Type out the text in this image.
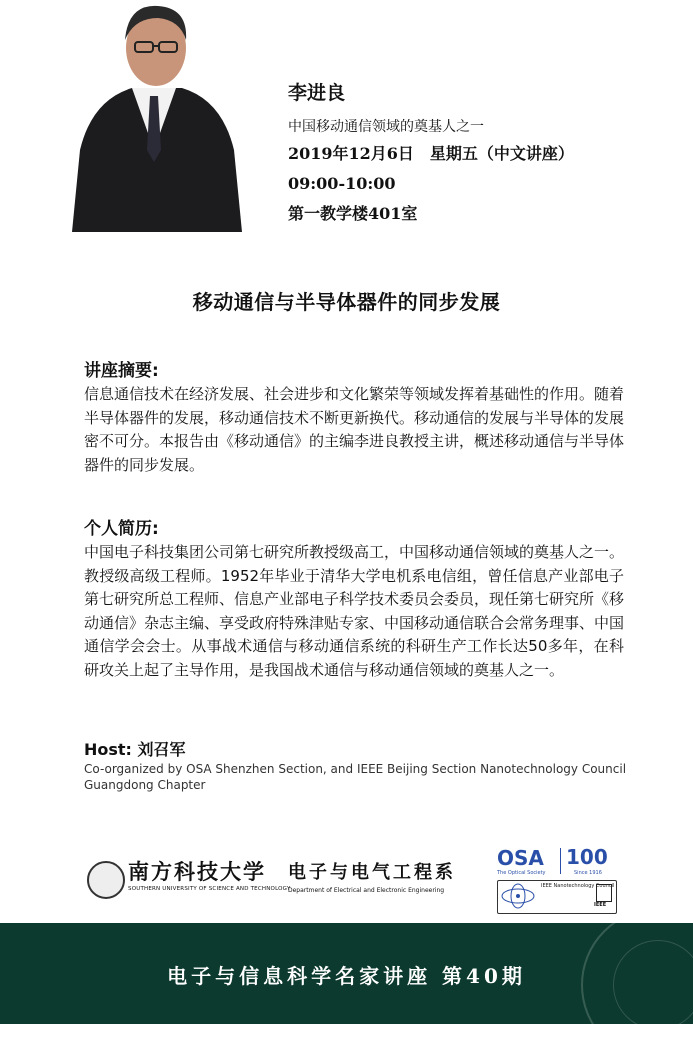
李进良
中国移动通信领域的奠基人之一
2019年12月6日　星期五（中文讲座）
09:00-10:00
第一教学楼401室
移动通信与半导体器件的同步发展
讲座摘要:

信息通信技术在经济发展、社会进步和文化繁荣等领域发挥着基础性的作用。随着半导体器件的发展，移动通信技术不断更新换代。移动通信的发展与半导体的发展密不可分。本报告由《移动通信》的主编李进良教授主讲，概述移动通信与半导体器件的同步发展。

个人简历:

中国电子科技集团公司第七研究所教授级高工，中国移动通信领域的奠基人之一。教授级高级工程师。1952年毕业于清华大学电机系电信组，曾任信息产业部电子第七研究所总工程师、信息产业部电子科学技术委员会委员，现任第七研究所《移动通信》杂志主编、享受政府特殊津贴专家、中国移动通信联合会常务理事、中国通信学会会士。从事战术通信与移动通信系统的科研生产工作长达50多年，在科研攻关上起了主导作用，是我国战术通信与移动通信领域的奠基人之一。

Host: 刘召军
Co-organized by OSA Shenzhen Section, and IEEE Beijing Section Nanotechnology Council Guangdong Chapter
南方科技大学
SOUTHERN UNIVERSITY OF SCIENCE AND TECHNOLOGY
电子与电气工程系
Department of Electrical and Electronic Engineering
OSA 100
The Optical Society	Since 1916
IEEE Nanotechnology Council
IEEE
电子与信息科学名家讲座 第40期
